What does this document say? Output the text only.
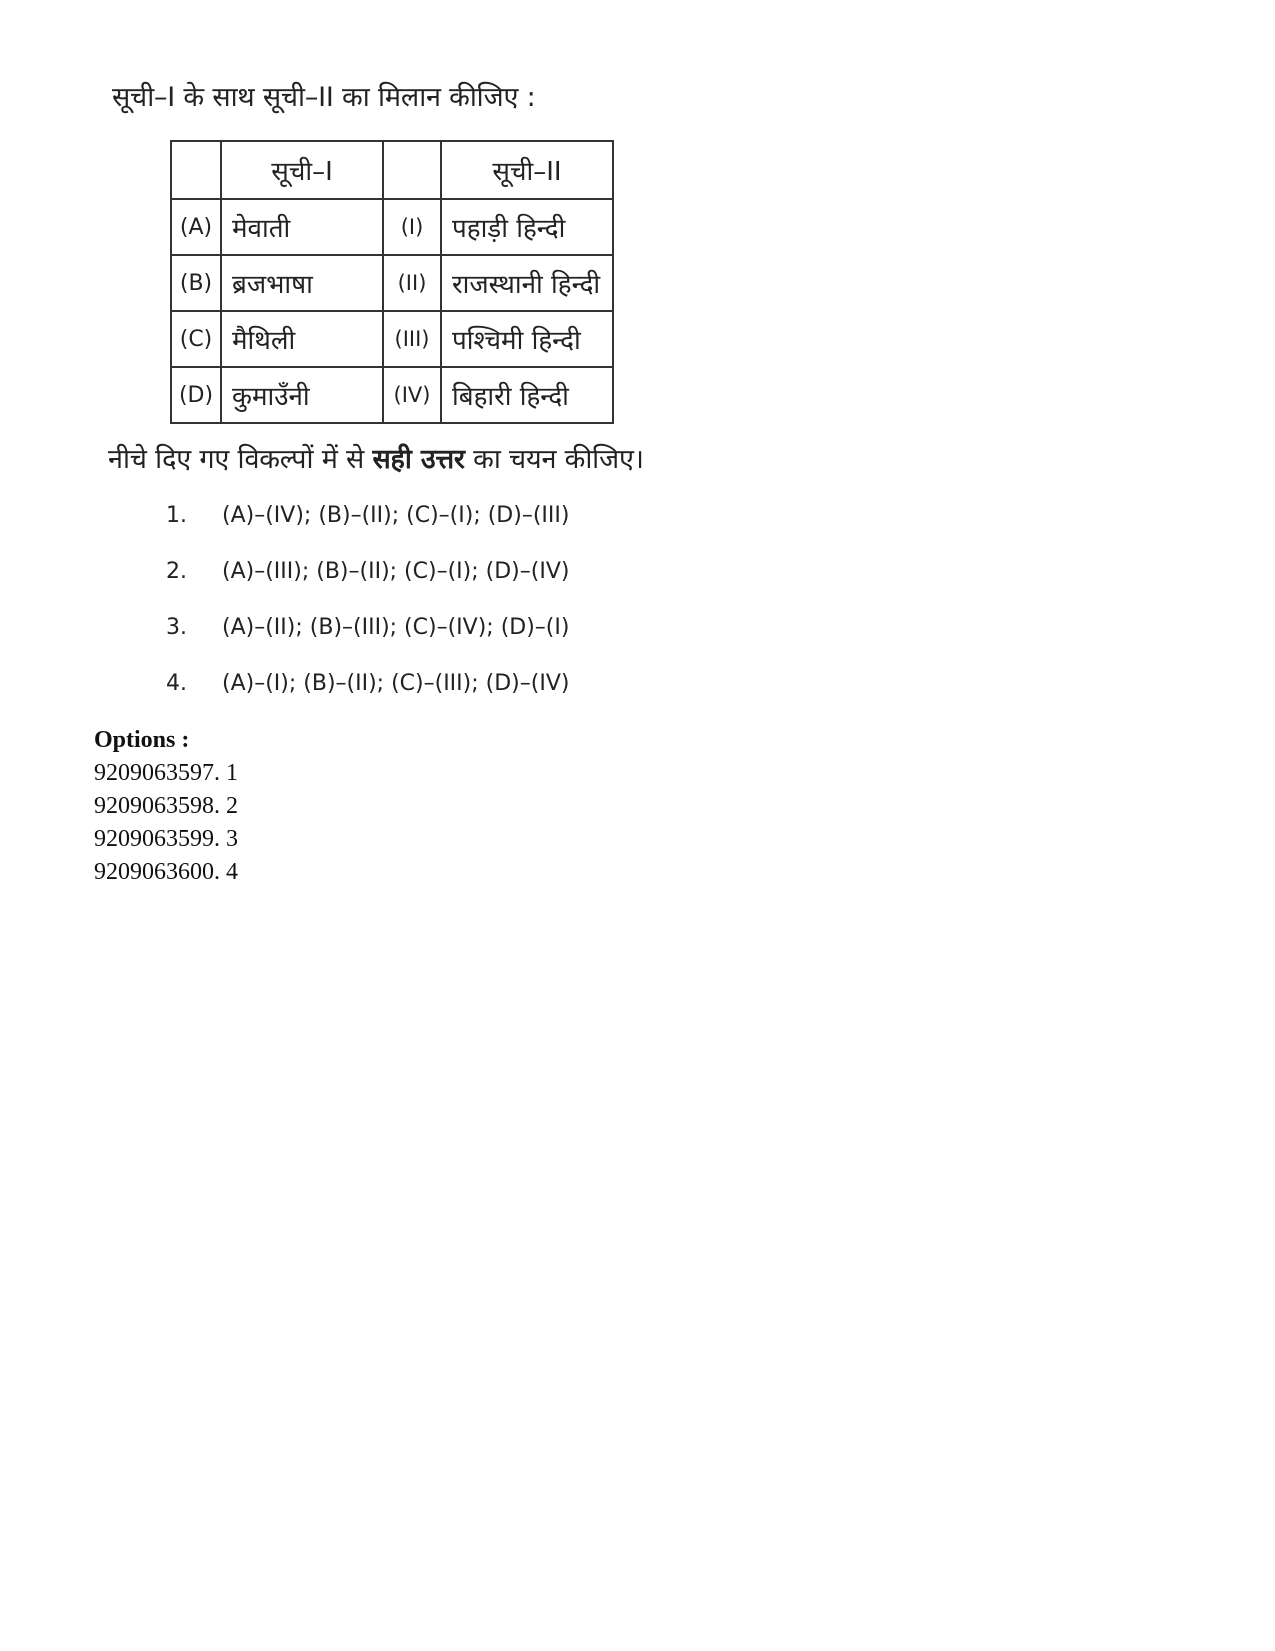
सूची–I के साथ सूची–II का मिलान कीजिए :

	सूची–I		सूची–II
(A)	मेवाती	(I)	पहाड़ी हिन्दी
(B)	ब्रजभाषा	(II)	राजस्थानी हिन्दी
(C)	मैथिली	(III)	पश्चिमी हिन्दी
(D)	कुमाउँनी	(IV)	बिहारी हिन्दी
नीचे दिए गए विकल्पों में से सही उत्तर का चयन कीजिए।
1. (A)–(IV); (B)–(II); (C)–(I); (D)–(III)
2. (A)–(III); (B)–(II); (C)–(I); (D)–(IV)
3. (A)–(II); (B)–(III); (C)–(IV); (D)–(I)
4. (A)–(I); (B)–(II); (C)–(III); (D)–(IV)
Options :
9209063597. 1
9209063598. 2
9209063599. 3
9209063600. 4
